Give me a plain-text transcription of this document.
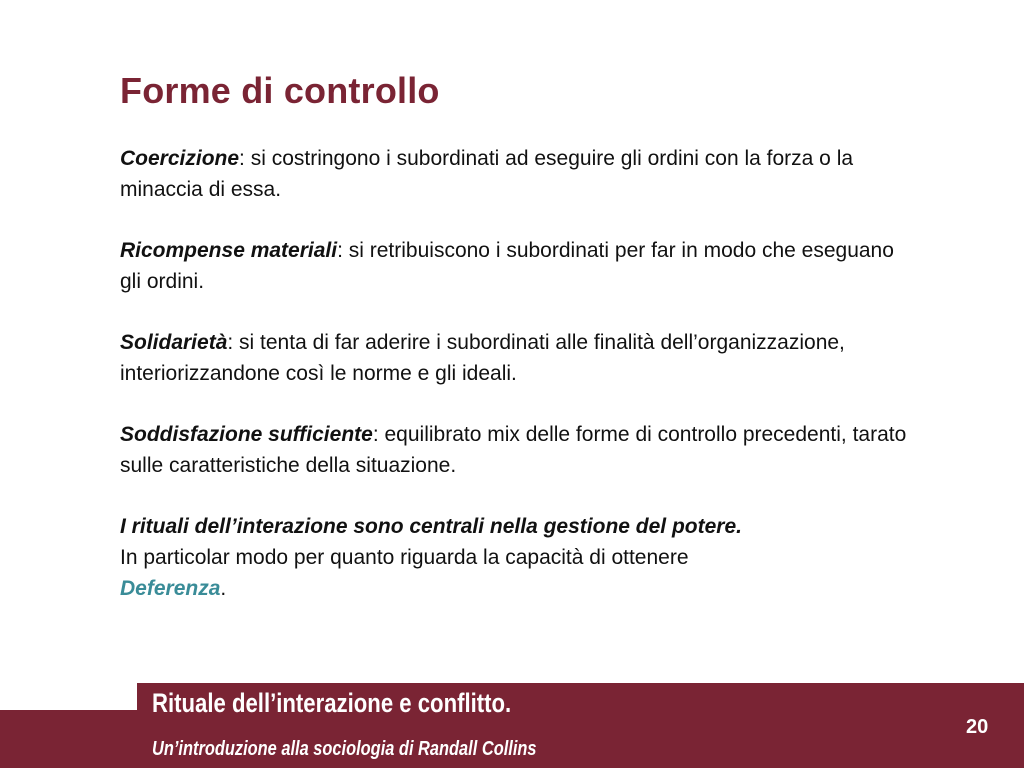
Forme di controllo

Coercizione: si costringono i subordinati ad eseguire gli ordini con la forza o la minaccia di essa.

Ricompense materiali: si retribuiscono i subordinati per far in modo che eseguano gli ordini.

Solidarietà: si tenta di far aderire i subordinati alle finalità dell’organizzazione, interiorizzandone così le norme e gli ideali.

Soddisfazione sufficiente: equilibrato mix delle forme di controllo precedenti, tarato sulle caratteristiche della situazione.

I rituali dell’interazione sono centrali nella gestione del potere.
In particolar modo per quanto riguarda la capacità di ottenere
Deferenza.

Rituale dell’interazione e conflitto.
Un’introduzione alla sociologia di Randall Collins
20
